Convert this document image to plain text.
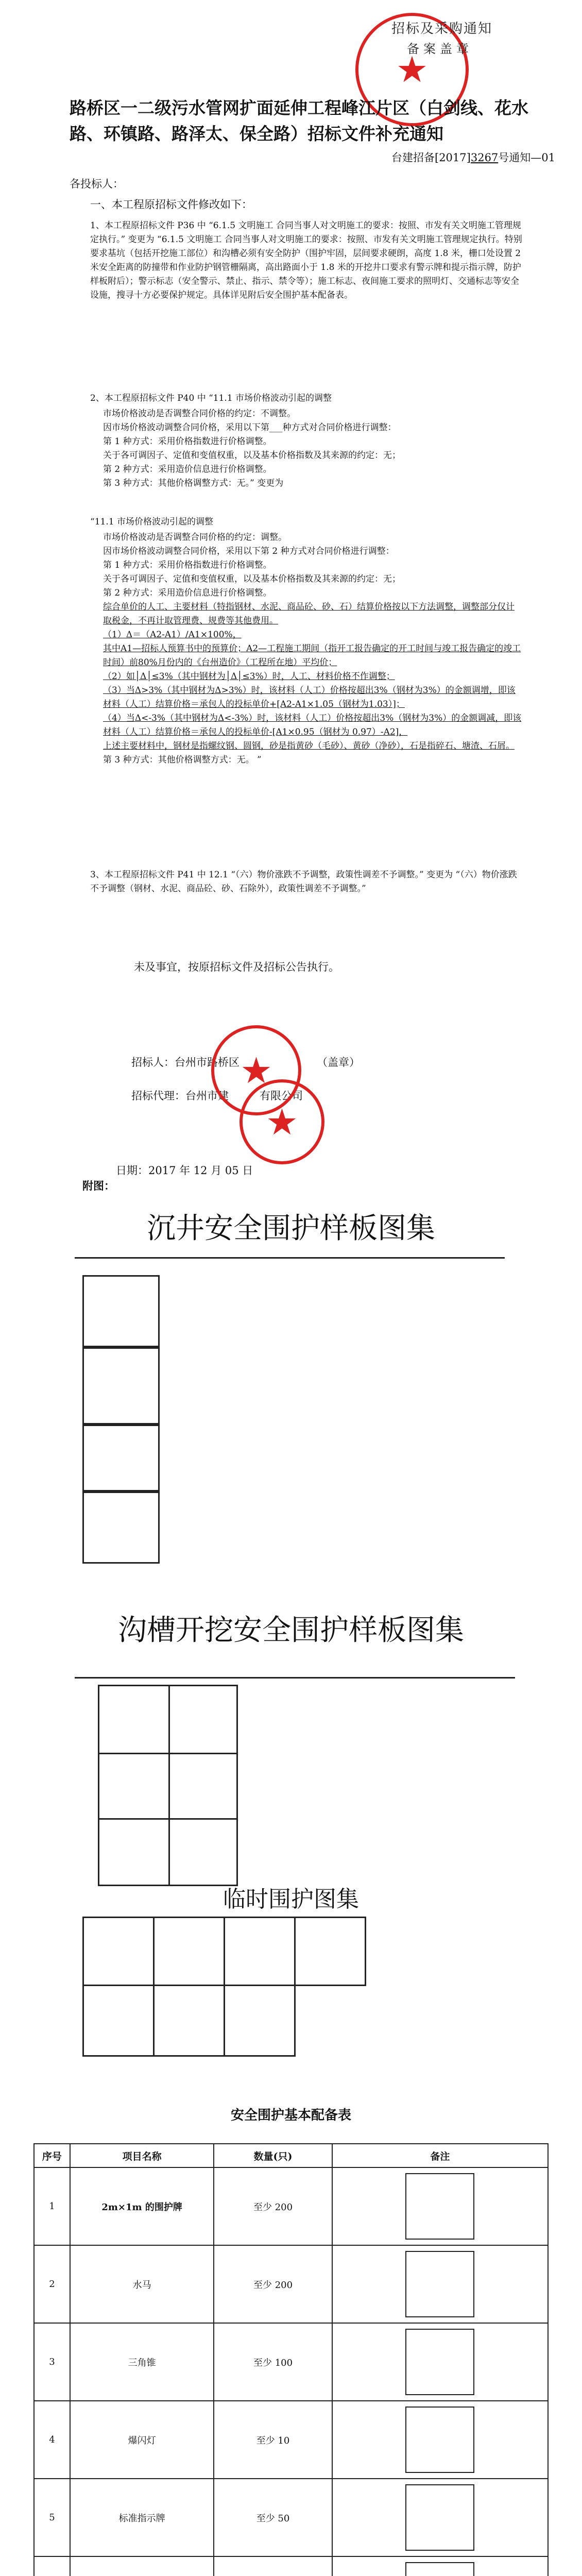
★
招标及采购通知
备案盖章
路桥区一二级污水管网扩面延伸工程峰江片区（白剑线、花水路、环镇路、路泽太、保全路）招标文件补充通知
台建招备[2017]3267号通知—01
各投标人：
一、本工程原招标文件修改如下：
1、本工程原招标文件 P36 中 “6.1.5 文明施工 合同当事人对文明施工的要求：按照、市发有关文明施工管理规定执行。” 变更为 “6.1.5 文明施工 合同当事人对文明施工的要求：按照、市发有关文明施工管理规定执行。特别要求基坑（包括开挖施工部位）和沟槽必须有安全防护（围护牢固，层间要求硬朗，高度 1.8 米，栅口处设置 2 米安全距离的防撞带和作业防护钢管栅隔离，高出路面小于 1.8 米的开挖井口要求有警示牌和提示指示牌，防护样板附后）；警示标志（安全警示、禁止、指示、禁令等）；施工标志、夜间施工要求的照明灯、交通标志等安全设施，搜寻十方必要保护规定。具体详见附后安全围护基本配备表。
2、本工程原招标文件 P40 中 “11.1 市场价格波动引起的调整
市场价格波动是否调整合同价格的约定：不调整。
因市场价格波动调整合同价格，采用以下第___种方式对合同价格进行调整：
第 1 种方式：采用价格指数进行价格调整。
关于各可调因子、定值和变值权重，以及基本价格指数及其来源的约定：无；
第 2 种方式：采用造价信息进行价格调整。
第 3 种方式：其他价格调整方式：无。” 变更为
“11.1 市场价格波动引起的调整
市场价格波动是否调整合同价格的约定：调整。
因市场价格波动调整合同价格，采用以下第 2 种方式对合同价格进行调整：
第 1 种方式：采用价格指数进行价格调整。
关于各可调因子、定值和变值权重，以及基本价格指数及其来源的约定：无；
第 2 种方式：采用造价信息进行价格调整。
综合单价的人工、主要材料（特指钢材、水泥、商品砼、砂、石）结算价格按以下方法调整，调整部分仅计取税金，不再计取管理费、规费等其他费用。
（1）Δ＝（A2-A1）/A1×100%，
其中A1—招标人预算书中的预算价；A2—工程施工期间（指开工报告确定的开工时间与竣工报告确定的竣工时间）前80%月份内的《台州造价》（工程所在地）平均价；
（2）如│Δ│≤3%（其中钢材为│Δ│≤3%）时，人工、材料价格不作调整；
（3）当Δ>3%（其中钢材为Δ>3%）时，该材料（人工）价格按超出3%（钢材为3%）的金额调增，即该材料（人工）结算价格＝承包人的投标单价+[A2-A1×1.05（钢材为1.03）]；
（4）当Δ<-3%（其中钢材为Δ<-3%）时，该材料（人工）价格按超出3%（钢材为3%）的金额调减，即该材料（人工）结算价格＝承包人的投标单价-[A1×0.95（钢材为 0.97）-A2]，
上述主要材料中，钢材是指螺纹钢、圆钢，砂是指黄砂（毛砂）、黄砂（净砂），石是指碎石、塘渣、石屑。
第 3 种方式：其他价格调整方式：无。 ”
3、本工程原招标文件 P41 中 12.1 “（六）物价涨跌不予调整，政策性调差不予调整。” 变更为 “（六）物价涨跌不予调整（钢材、水泥、商品砼、砂、石除外），政策性调差不予调整。”
未及事宜，按原招标文件及招标公告执行。
招标人：台州市路桥区	（盖章）
招标代理：台州市建	有限公司
★
★
日期：2017 年 12 月 05 日
附图：
沉井安全围护样板图集
沟槽开挖安全围护样板图集
临时围护图集
安全围护基本配备表
序号	项目名称	数量(只)	备注
1	2m×1m 的围护牌	至少 200	

2	水马	至少 200	

3	三角锥	至少 100	

4	爆闪灯	至少 10	

5	标准指示牌	至少 50	
